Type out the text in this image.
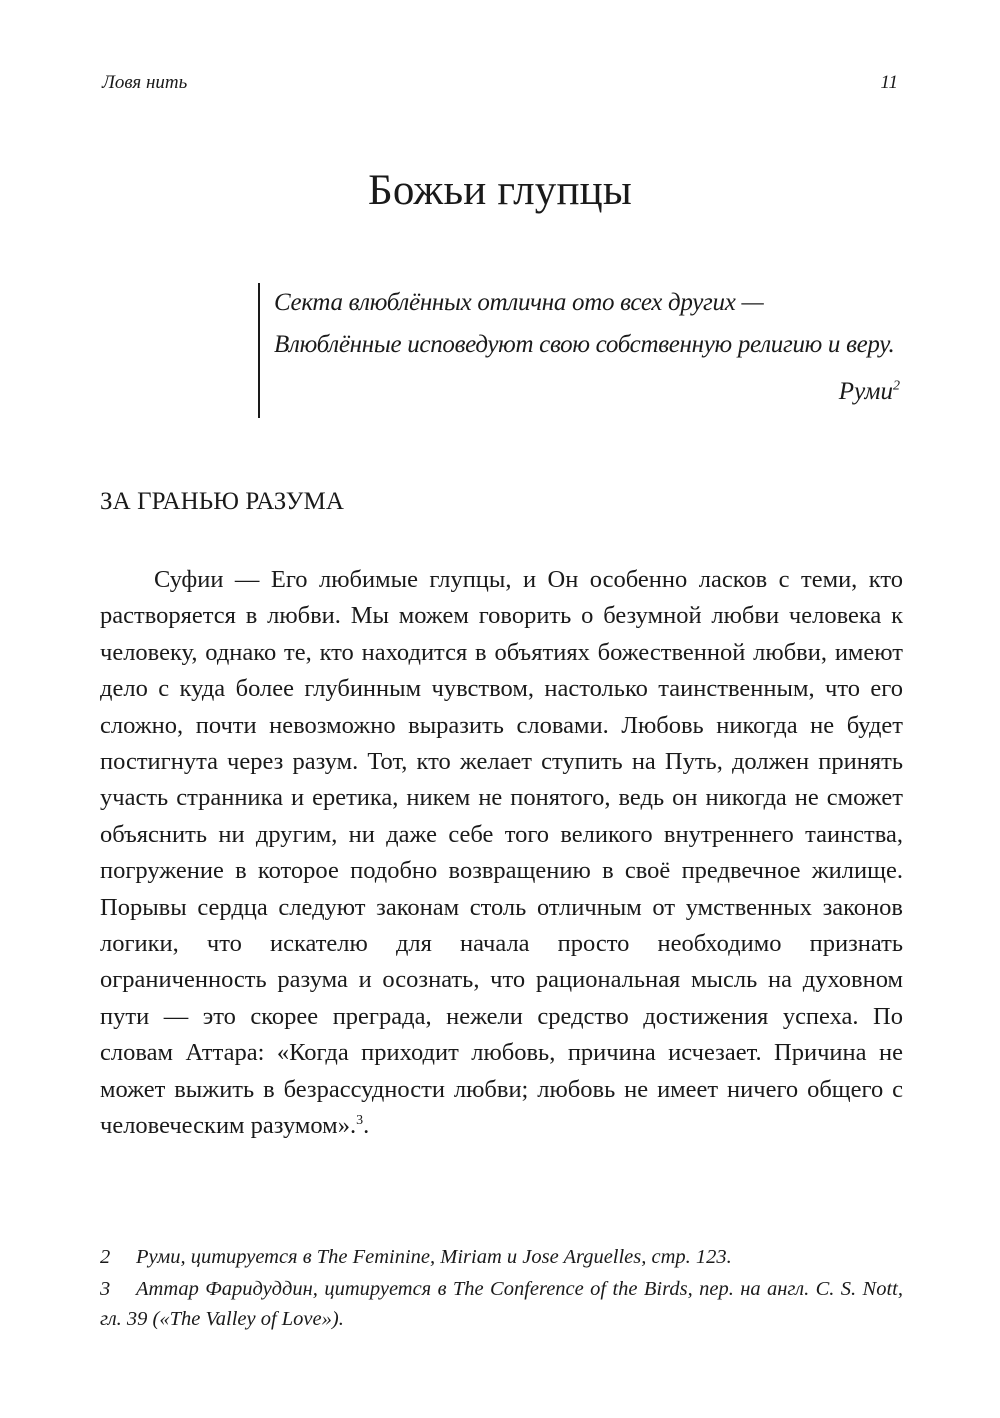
Ловя нить	11
Божьи глупцы
Секта влюблённых отлична ото всех других —
Влюблённые исповедуют свою собственную религию и веру.
Руми$^2$
ЗА ГРАНЬЮ РАЗУМА

Суфии — Его любимые глупцы, и Он особенно ласков с теми, кто растворяется в любви. Мы можем говорить о безумной любви человека к человеку, однако те, кто находится в объятиях божественной любви, имеют дело с куда более глубинным чувством, настолько таинственным, что его сложно, почти невозможно выразить словами. Любовь никогда не будет постигнута через разум. Тот, кто желает ступить на Путь, должен принять участь странника и еретика, никем не понятого, ведь он никогда не сможет объяснить ни другим, ни даже себе того великого внутреннего таинства, погружение в которое подобно возвращению в своё предвечное жилище. Порывы сердца следуют законам столь отличным от умственных законов логики, что искателю для начала просто необходимо признать ограниченность разума и осознать, что рациональная мысль на духовном пути — это скорее преграда, нежели средство достижения успеха. По словам Аттара: «Когда приходит любовь, причина исчезает. Причина не может выжить в безрассудности любви; любовь не имеет ничего общего с человеческим разумом».$^3$.

2 Руми, цитируется в The Feminine, Miriam и Jose Arguelles, стр. 123.

3 Аттар Фаридуддин, цитируется в The Conference of the Birds, пер. на англ. C. S. Nott, гл. 39 («The Valley of Love»).
